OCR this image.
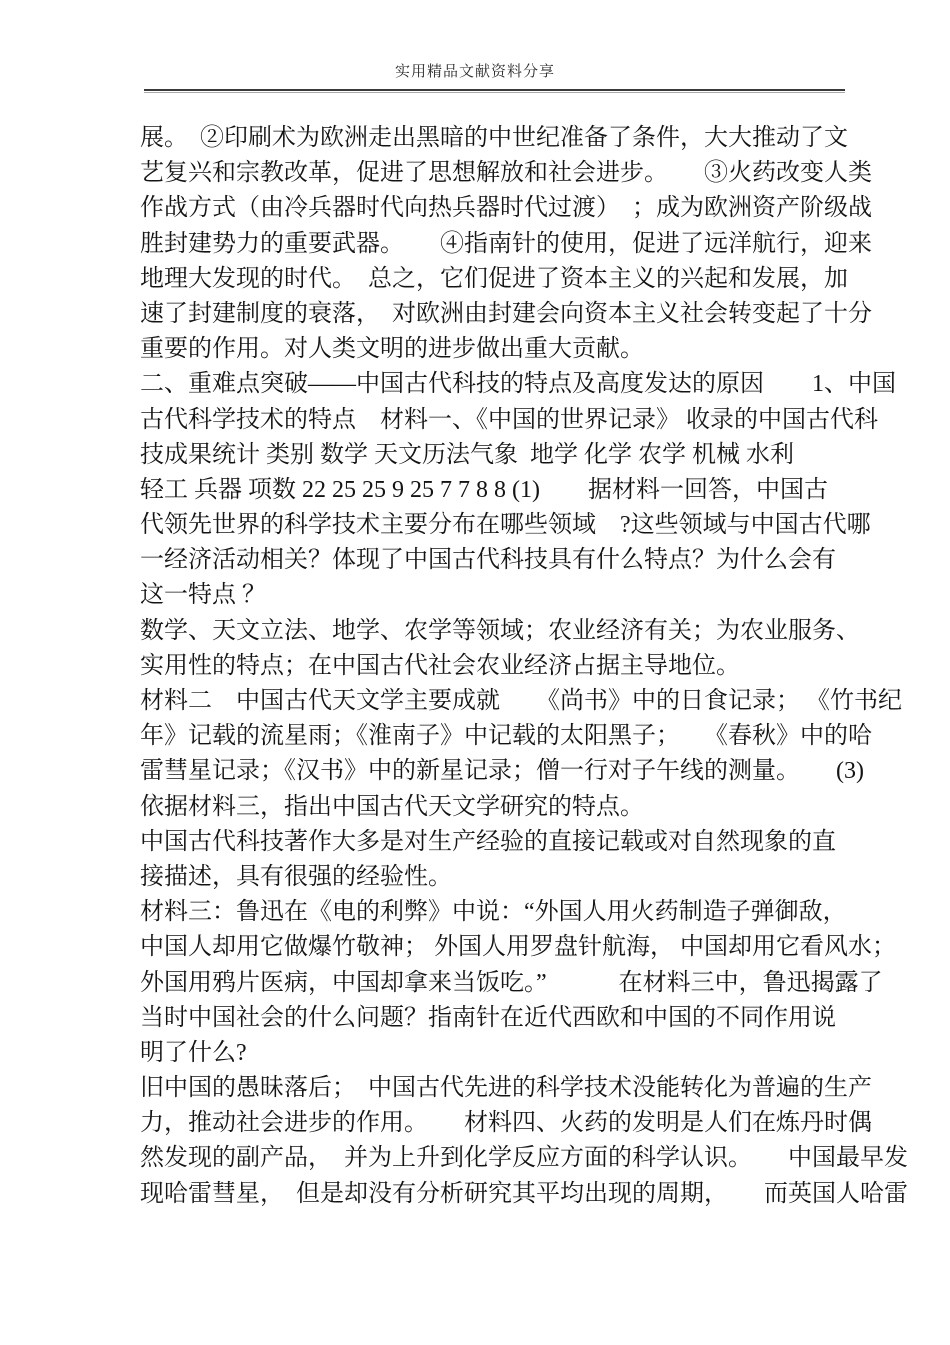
实用精品文献资料分享
展。　②印刷术为欧洲走出黑暗的中世纪准备了条件，大大推动了文
艺复兴和宗教改革，促进了思想解放和社会进步。　　③火药改变人类
作战方式（由冷兵器时代向热兵器时代过渡）　；成为欧洲资产阶级战
胜封建势力的重要武器。　　④指南针的使用，促进了远洋航行，迎来
地理大发现的时代。　总之，它们促进了资本主义的兴起和发展，加
速了封建制度的衰落，　对欧洲由封建会向资本主义社会转变起了十分
重要的作用。对人类文明的进步做出重大贡献。
二、重难点突破——中国古代科技的特点及高度发达的原因　　1、中国
古代科学技术的特点　材料一、《中国的世界记录》 收录的中国古代科
技成果统计 类别 数学 天文历法气象  地学 化学 农学 机械 水利
轻工 兵器 项数 22 25 25 9 25 7 7 8 8 (1)　　据材料一回答，中国古
代领先世界的科学技术主要分布在哪些领域　?这些领域与中国古代哪
一经济活动相关？体现了中国古代科技具有什么特点？为什么会有
这一特点 ？
数学、天文立法、地学、农学等领域；农业经济有关；为农业服务、
实用性的特点；在中国古代社会农业经济占据主导地位。
材料二　中国古代天文学主要成就　　《尚书》中的日食记录； 《竹书纪
年》记载的流星雨；《淮南子》中记载的太阳黑子；　　《春秋》中的哈
雷彗星记录；《汉书》中的新星记录；僧一行对子午线的测量。　　(3)
依据材料三，指出中国古代天文学研究的特点。
中国古代科技著作大多是对生产经验的直接记载或对自然现象的直
接描述，具有很强的经验性。
材料三：鲁迅在《电的利弊》中说：“外国人用火药制造子弹御敌，
中国人却用它做爆竹敬神； 外国人用罗盘针航海， 中国却用它看风水；
外国用鸦片医病，中国却拿来当饭吃。”　　　在材料三中，鲁迅揭露了
当时中国社会的什么问题？指南针在近代西欧和中国的不同作用说
明了什么?
旧中国的愚昧落后；　中国古代先进的科学技术没能转化为普遍的生产
力，推动社会进步的作用。　　材料四、火药的发明是人们在炼丹时偶
然发现的副产品，　并为上升到化学反应方面的科学认识。　　中国最早发
现哈雷彗星，　但是却没有分析研究其平均出现的周期，　　而英国人哈雷
